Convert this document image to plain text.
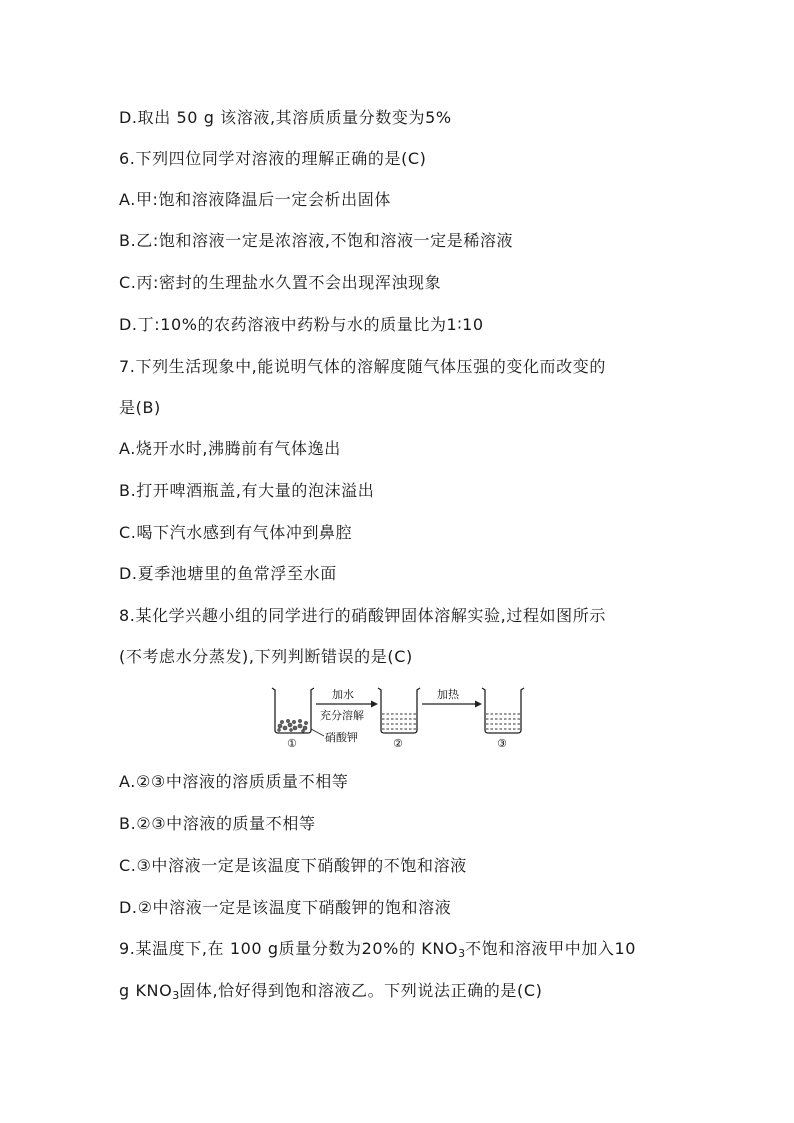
D.取出 50 g 该溶液,其溶质质量分数变为5%
6.下列四位同学对溶液的理解正确的是(C)
A.甲:饱和溶液降温后一定会析出固体
B.乙:饱和溶液一定是浓溶液,不饱和溶液一定是稀溶液
C.丙:密封的生理盐水久置不会出现浑浊现象
D.丁:10%的农药溶液中药粉与水的质量比为1∶10
7.下列生活现象中,能说明气体的溶解度随气体压强的变化而改变的
是(B)
A.烧开水时,沸腾前有气体逸出
B.打开啤酒瓶盖,有大量的泡沫溢出
C.喝下汽水感到有气体冲到鼻腔
D.夏季池塘里的鱼常浮至水面
8.某化学兴趣小组的同学进行的硝酸钾固体溶解实验,过程如图所示
(不考虑水分蒸发),下列判断错误的是(C)
①
加水
充分溶解
硝酸钾	②
加热
③
A.②③中溶液的溶质质量不相等
B.②③中溶液的质量不相等
C.③中溶液一定是该温度下硝酸钾的不饱和溶液
D.②中溶液一定是该温度下硝酸钾的饱和溶液
9.某温度下,在 100 g质量分数为20%的 $KNO_3$不饱和溶液甲中加入10
g $KNO_3$固体,恰好得到饱和溶液乙。下列说法正确的是(C)
